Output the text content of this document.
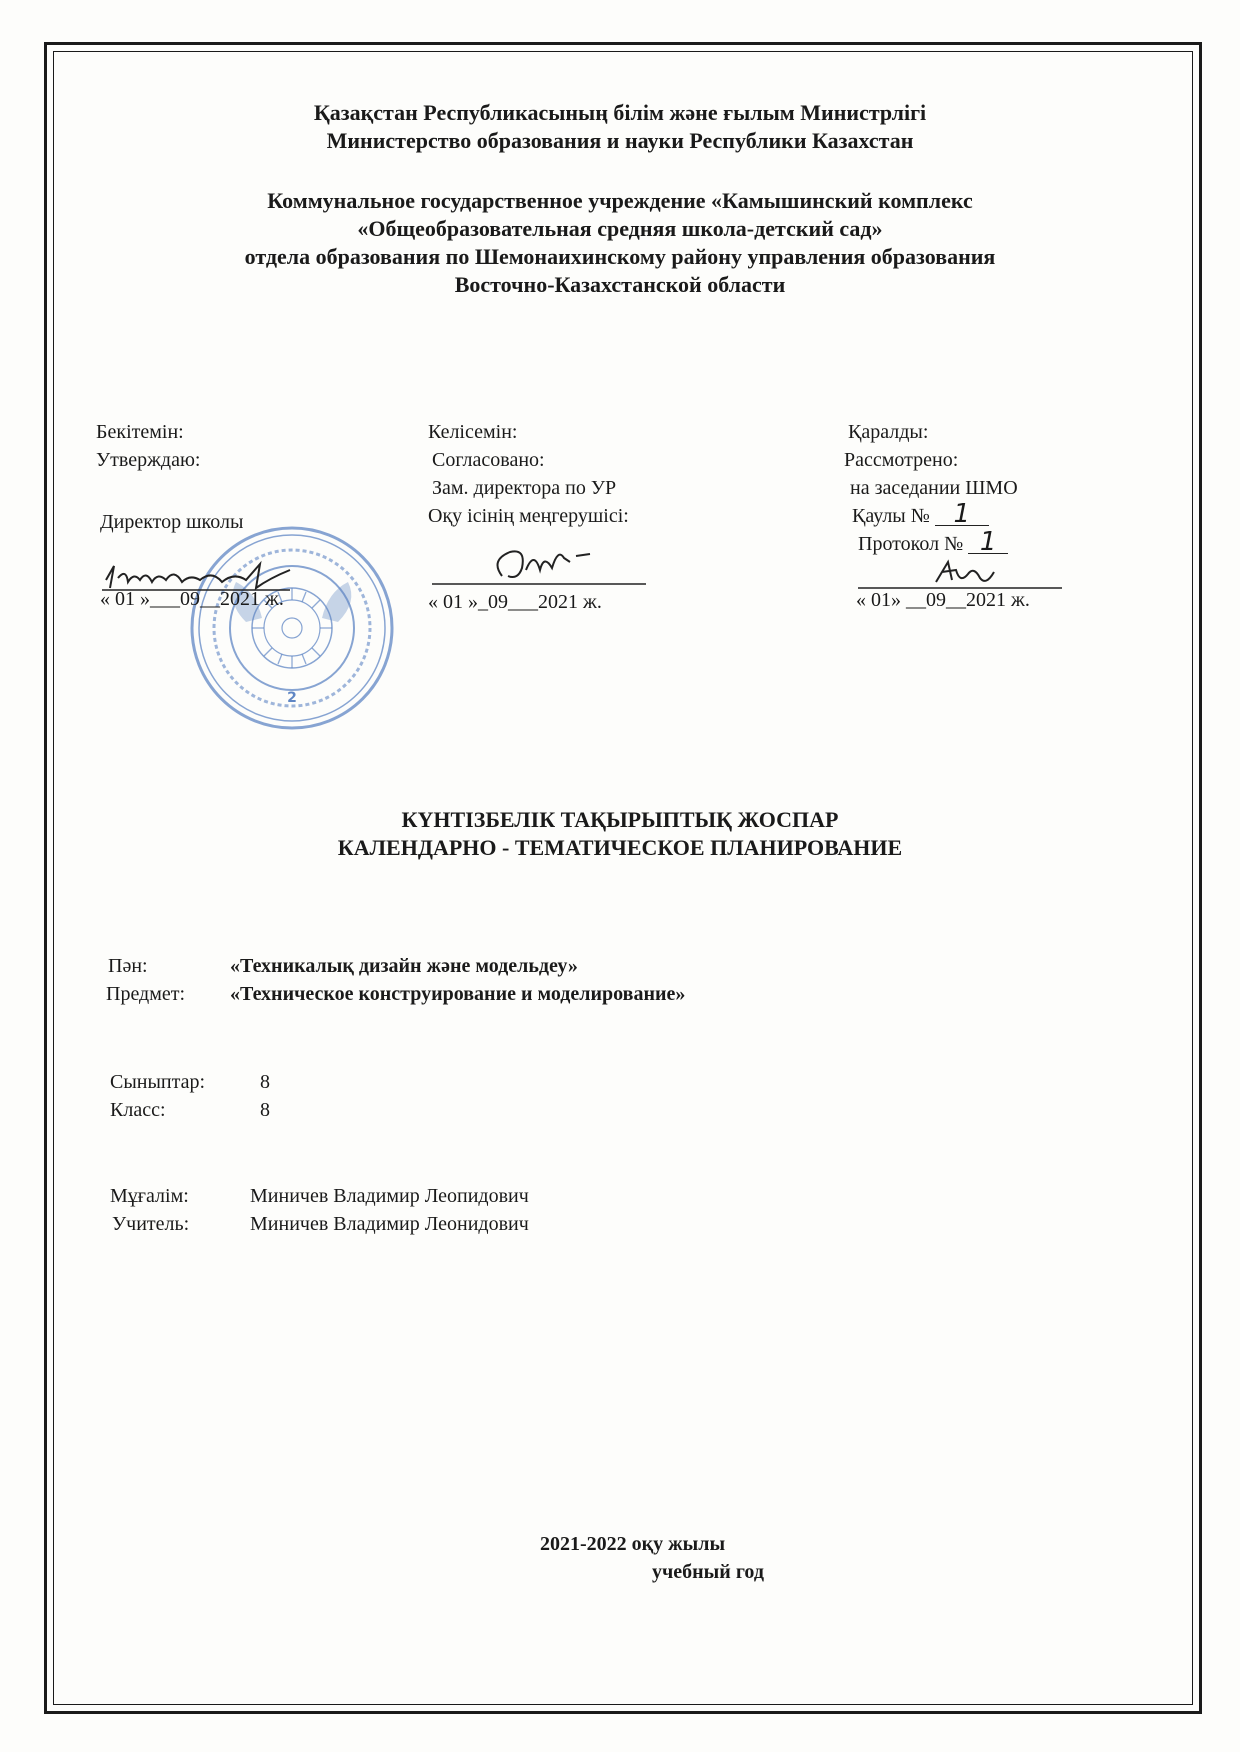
Қазақстан Республикасының білім және ғылым Министрлігі
Министерство образования и науки Республики Казахстан
Коммунальное государственное учреждение «Камышинский комплекс
«Общеобразовательная средняя школа-детский сад»
отдела образования по Шемонаихинскому району управления образования
Восточно-Казахстанской области
2
Бекітемін:
Утверждаю:
Директор школы
« 01 »___09__2021 ж.
Келісемін:
Согласовано:
Зам. директора по УР
Оқу ісінің меңгерушісі:
« 01 »_09___2021 ж.
Қаралды:
Рассмотрено:
на заседании ШМО
Қаулы № 1
Протокол № 1
« 01» __09__2021 ж.
КҮНТІЗБЕЛІК ТАҚЫРЫПТЫҚ ЖОСПАР
КАЛЕНДАРНО - ТЕМАТИЧЕСКОЕ ПЛАНИРОВАНИЕ
Пән:	«Техникалық дизайн және модельдеу»
Предмет: «Техническое конструирование и моделирование»
Сыныптар:	8
Класс:	8
Мұғалім:	Миничев Владимир Леопидович
Учитель:	Миничев Владимир Леонидович
2021-2022 оқу жылы
учебный год
